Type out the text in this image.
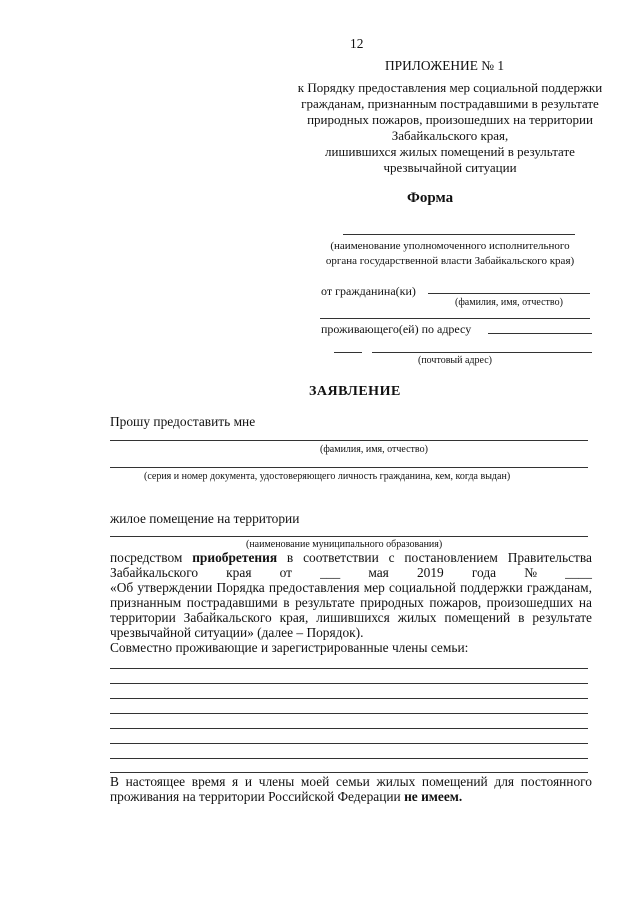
12
ПРИЛОЖЕНИЕ № 1
к Порядку предоставления мер социальной поддержки
гражданам, признанным пострадавшими в результате
природных пожаров, произошедших на территории
Забайкальского края,
лишившихся жилых помещений в результате
чрезвычайной ситуации
Форма
(наименование уполномоченного исполнительного
органа государственной власти Забайкальского края)
от гражданина(ки)
(фамилия, имя, отчество)
проживающего(ей) по адресу
(почтовый адрес)
ЗАЯВЛЕНИЕ
Прошу предоставить мне
(фамилия, имя, отчество)
(серия и номер документа, удостоверяющего личность гражданина, кем, когда выдан)
жилое помещение на территории
(наименование муниципального образования)
посредством приобретения в соответствии с постановлением Правительства
Забайкальского края от ___ мая 2019 года № ____
«Об утверждении Порядка предоставления мер социальной поддержки гражданам,
признанным пострадавшими в результате природных пожаров, произошедших на
территории Забайкальского края, лишившихся жилых помещений в результате
чрезвычайной ситуации» (далее – Порядок).
Совместно проживающие и зарегистрированные члены семьи:
В настоящее время я и члены моей семьи жилых помещений для постоянного
проживания на территории Российской Федерации не имеем.
